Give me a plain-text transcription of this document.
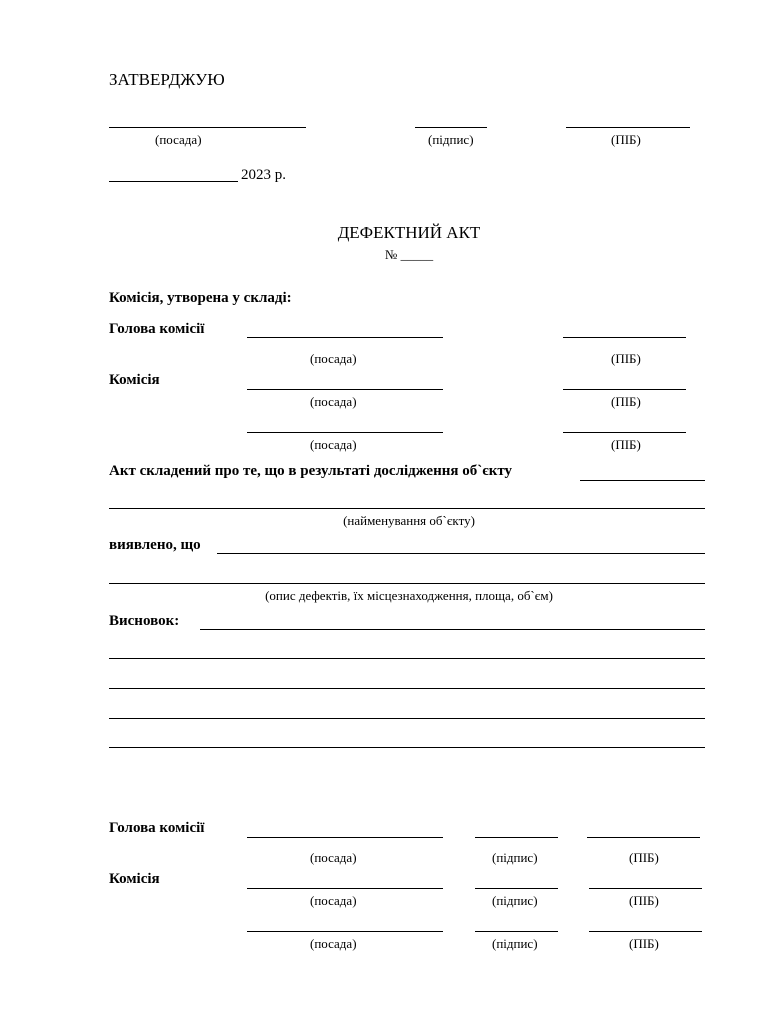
ЗАТВЕРДЖУЮ
(посада)	(підпис)	(ПІБ)
2023 р.
ДЕФЕКТНИЙ АКТ
№ _____
Комісія, утворена у складі:
Голова комісії
(посада)	(ПІБ)
Комісія
(посада)	(ПІБ)
(посада)	(ПІБ)
Акт складений про те, що в результаті дослідження об`єкту
(найменування об`єкту)
виявлено, що
(опис дефектів, їх місцезнаходження, площа, об`єм)
Висновок:
Голова комісії
(посада)	(підпис)	(ПІБ)
Комісія
(посада)	(підпис)	(ПІБ)
(посада)	(підпис)	(ПІБ)
